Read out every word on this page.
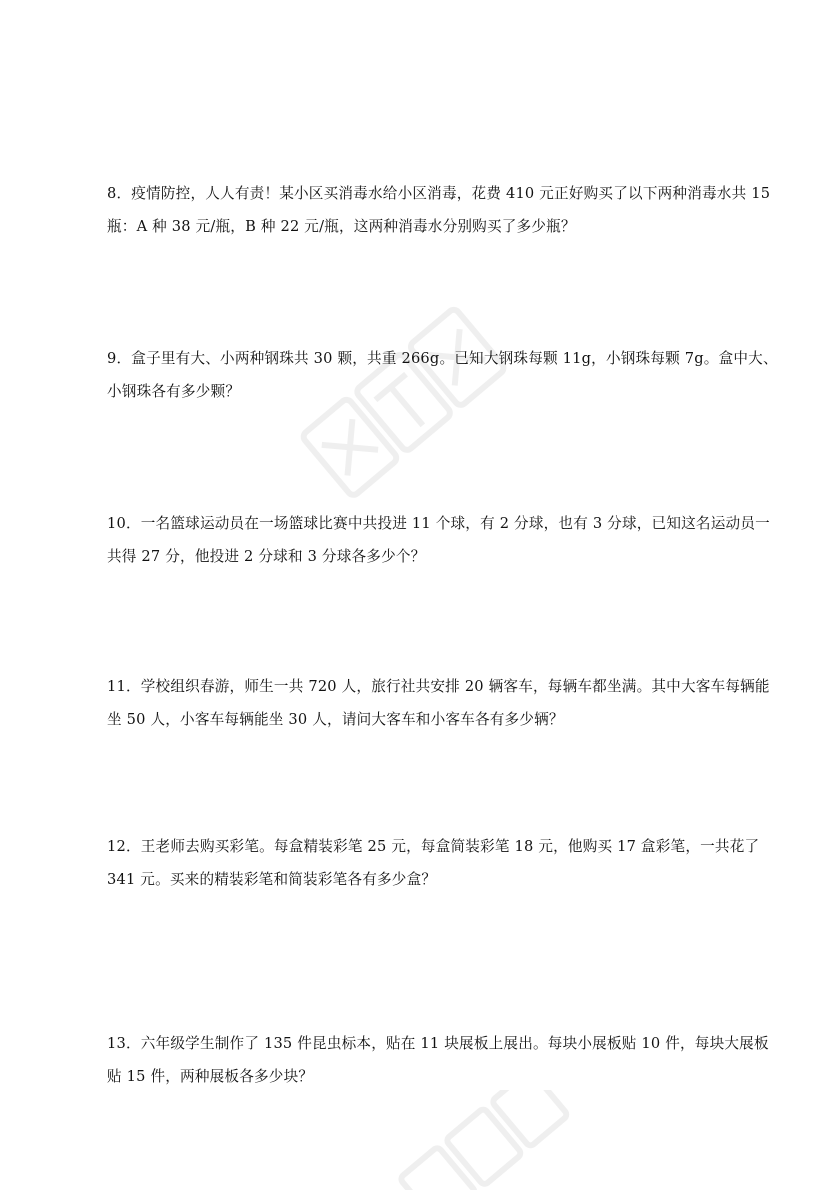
8．疫情防控，人人有责！某小区买消毒水给小区消毒，花费 410 元正好购买了以下两种消毒水共 15
瓶：A 种 38 元/瓶，B 种 22 元/瓶，这两种消毒水分别购买了多少瓶？
9．盒子里有大、小两种钢珠共 30 颗，共重 266g。已知大钢珠每颗 11g，小钢珠每颗 7g。盒中大、
小钢珠各有多少颗？
10．一名篮球运动员在一场篮球比赛中共投进 11 个球，有 2 分球，也有 3 分球，已知这名运动员一
共得 27 分，他投进 2 分球和 3 分球各多少个？
11．学校组织春游，师生一共 720 人，旅行社共安排 20 辆客车，每辆车都坐满。其中大客车每辆能
坐 50 人，小客车每辆能坐 30 人，请问大客车和小客车各有多少辆？
12．王老师去购买彩笔。每盒精装彩笔 25 元，每盒简装彩笔 18 元，他购买 17 盒彩笔，一共花了
341 元。买来的精装彩笔和简装彩笔各有多少盒？
13．六年级学生制作了 135 件昆虫标本，贴在 11 块展板上展出。每块小展板贴 10 件，每块大展板
贴 15 件，两种展板各多少块？
